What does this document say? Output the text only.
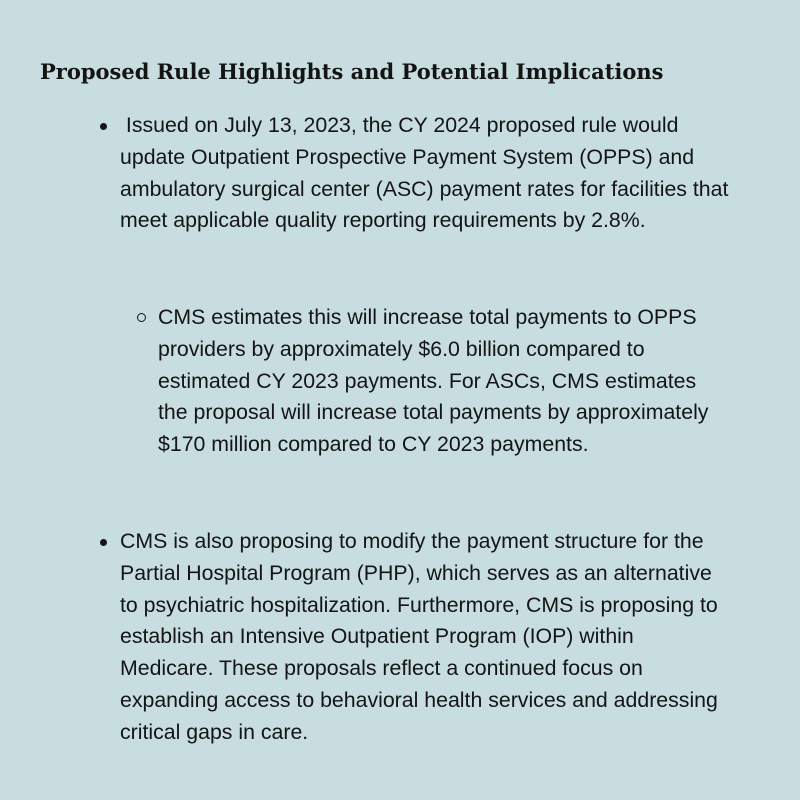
Proposed Rule Highlights and Potential Implications
Issued on July 13, 2023, the CY 2024 proposed rule would update Outpatient Prospective Payment System (OPPS) and ambulatory surgical center (ASC) payment rates for facilities that meet applicable quality reporting requirements by 2.8%.
CMS estimates this will increase total payments to OPPS providers by approximately $6.0 billion compared to estimated CY 2023 payments. For ASCs, CMS estimates the proposal will increase total payments by approximately $170 million compared to CY 2023 payments.
CMS is also proposing to modify the payment structure for the Partial Hospital Program (PHP), which serves as an alternative to psychiatric hospitalization. Furthermore, CMS is proposing to establish an Intensive Outpatient Program (IOP) within Medicare. These proposals reflect a continued focus on expanding access to behavioral health services and addressing critical gaps in care.
